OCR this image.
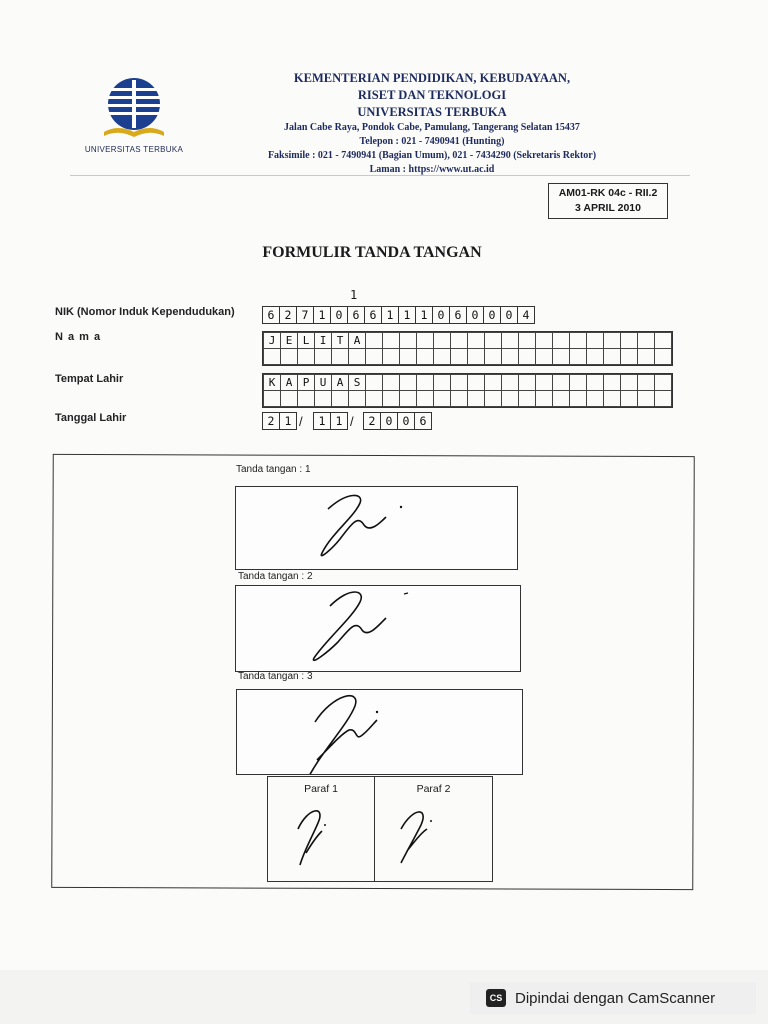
UNIVERSITAS TERBUKA
KEMENTERIAN PENDIDIKAN, KEBUDAYAAN,
RISET DAN TEKNOLOGI
UNIVERSITAS TERBUKA
Jalan Cabe Raya, Pondok Cabe, Pamulang, Tangerang Selatan 15437
Telepon : 021 - 7490941 (Hunting)
Faksimile : 021 - 7490941 (Bagian Umum), 021 - 7434290 (Sekretaris Rektor)
Laman : https://www.ut.ac.id
AM01-RK 04c - RII.2
3 APRIL 2010
FORMULIR TANDA TANGAN
1
NIK (Nomor Induk Kependudukan)	6 2 7 1 0 6 6 1 1 1 0 6 0 0 0 4
N a m a	J	E	L	I	T	A																		

Tempat Lahir	K	A	P	U	A	S																		

Tanggal Lahir	2 1 /	1 1 /	2 0 0 6
Tanda tangan : 1
Tanda tangan : 2
Tanda tangan : 3
Paraf 1	Paraf 2
CS Dipindai dengan CamScanner
